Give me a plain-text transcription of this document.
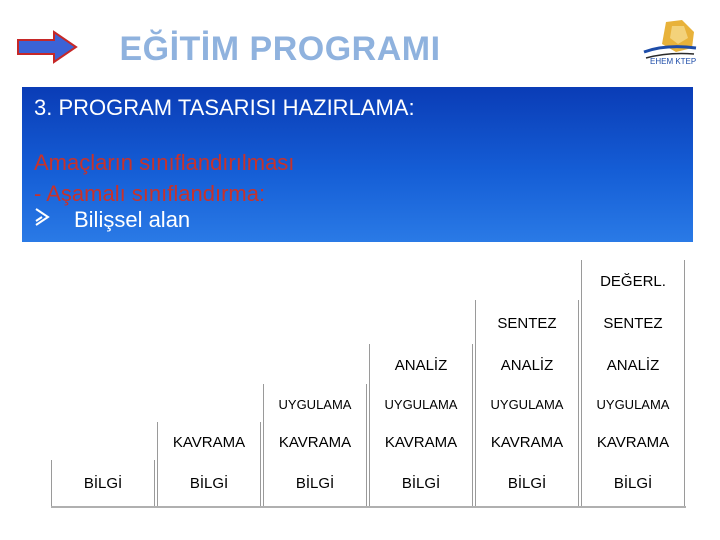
EĞİTİM PROGRAMI	EHEM KTEP
3. PROGRAM TASARISI HAZIRLAMA:
Amaçların sınıflandırılması
- Aşamalı sınıflandırma:
Bilişsel alan
BİLGİ	BİLGİ
KAVRAMA
BİLGİ
KAVRAMA
UYGULAMA
BİLGİ
KAVRAMA
UYGULAMA
ANALİZ
BİLGİ
KAVRAMA
UYGULAMA
ANALİZ
SENTEZ
BİLGİ
KAVRAMA
UYGULAMA
ANALİZ
SENTEZ
DEĞERL.
